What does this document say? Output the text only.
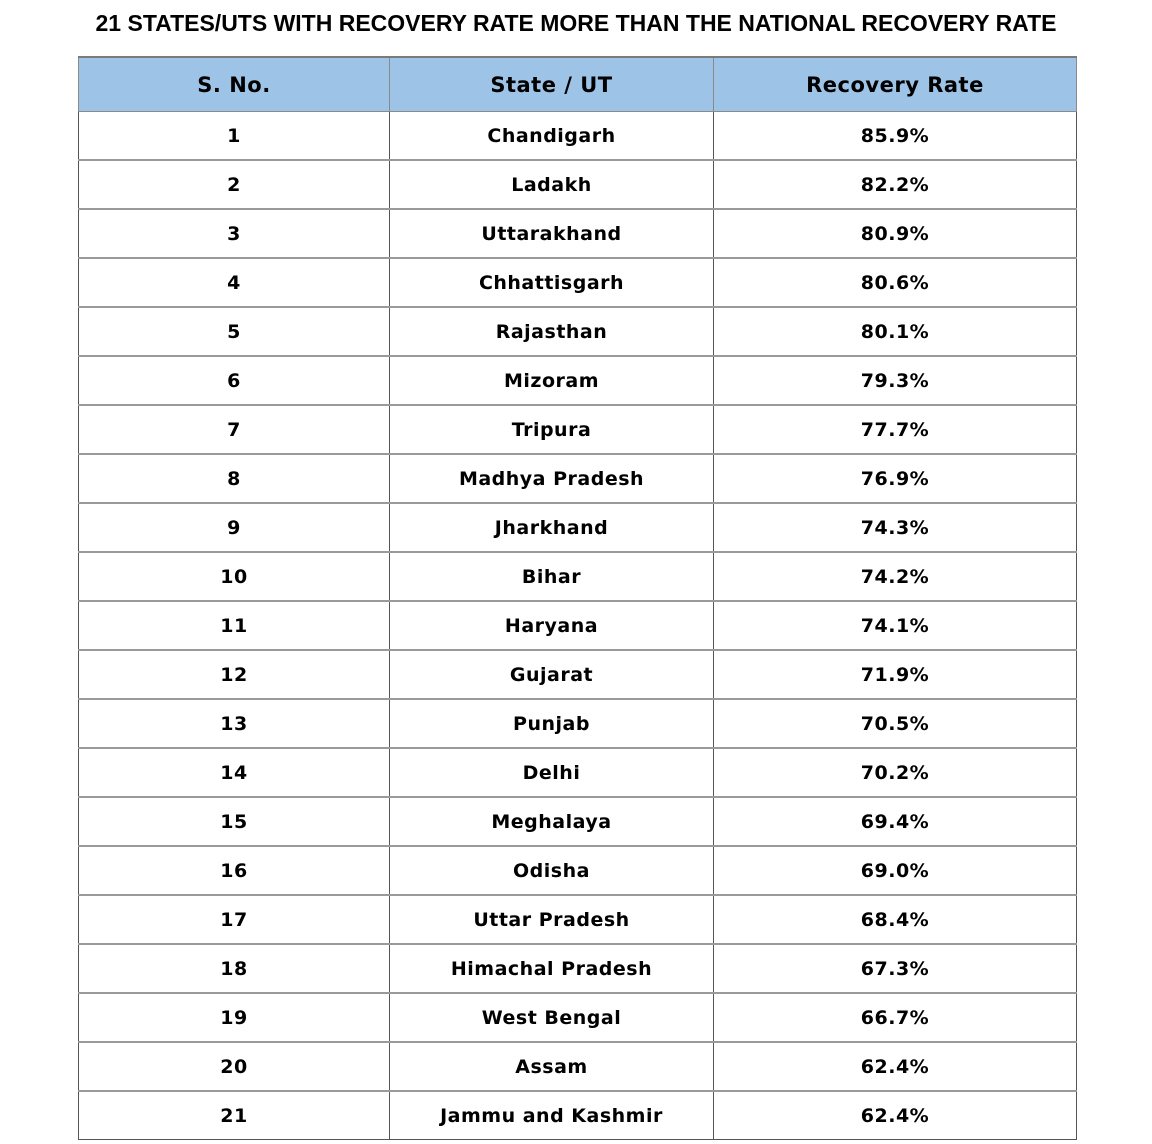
21 STATES/UTS WITH RECOVERY RATE MORE THAN THE NATIONAL RECOVERY RATE
S. No.	State / UT	Recovery Rate
1	Chandigarh	85.9%
2	Ladakh	82.2%
3	Uttarakhand	80.9%
4	Chhattisgarh	80.6%
5	Rajasthan	80.1%
6	Mizoram	79.3%
7	Tripura	77.7%
8	Madhya Pradesh	76.9%
9	Jharkhand	74.3%
10	Bihar	74.2%
11	Haryana	74.1%
12	Gujarat	71.9%
13	Punjab	70.5%
14	Delhi	70.2%
15	Meghalaya	69.4%
16	Odisha	69.0%
17	Uttar Pradesh	68.4%
18	Himachal Pradesh	67.3%
19	West Bengal	66.7%
20	Assam	62.4%
21	Jammu and Kashmir	62.4%
